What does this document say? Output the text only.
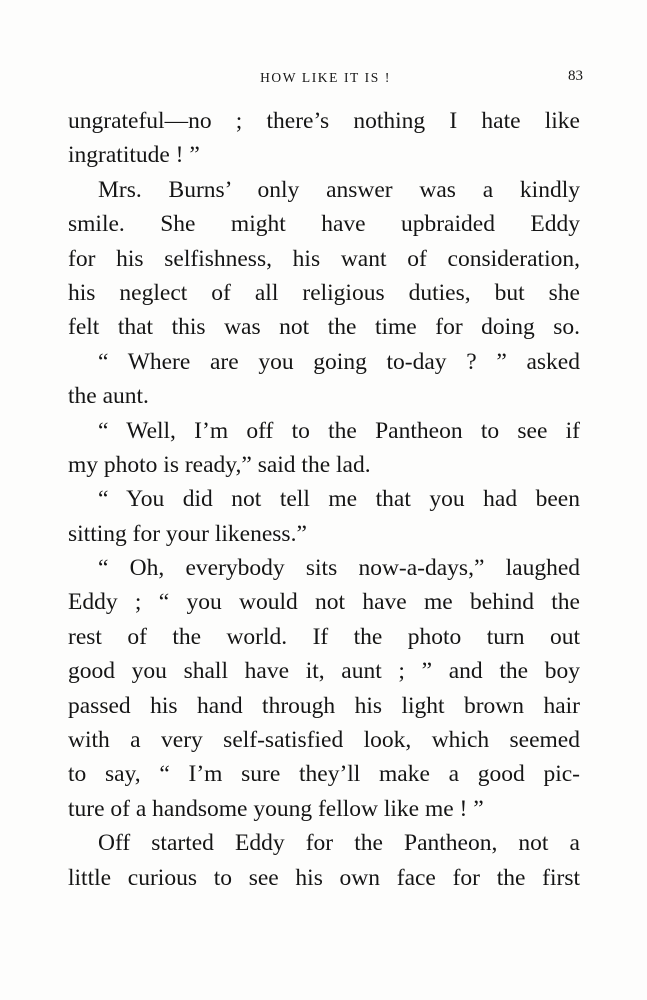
HOW LIKE IT IS !	83
ungrateful—no ; there’s nothing I hate like
ingratitude ! ”
Mrs. Burns’ only answer was a kindly
smile. She might have upbraided Eddy
for his selfishness, his want of consideration,
his neglect of all religious duties, but she
felt that this was not the time for doing so.
“ Where are you going to-day ? ” asked
the aunt.
“ Well, I’m off to the Pantheon to see if
my photo is ready,” said the lad.
“ You did not tell me that you had been
sitting for your likeness.”
“ Oh, everybody sits now-a-days,” laughed
Eddy ; “ you would not have me behind the
rest of the world. If the photo turn out
good you shall have it, aunt ; ” and the boy
passed his hand through his light brown hair
with a very self-satisfied look, which seemed
to say, “ I’m sure they’ll make a good pic-
ture of a handsome young fellow like me ! ”
Off started Eddy for the Pantheon, not a
little curious to see his own face for the first
